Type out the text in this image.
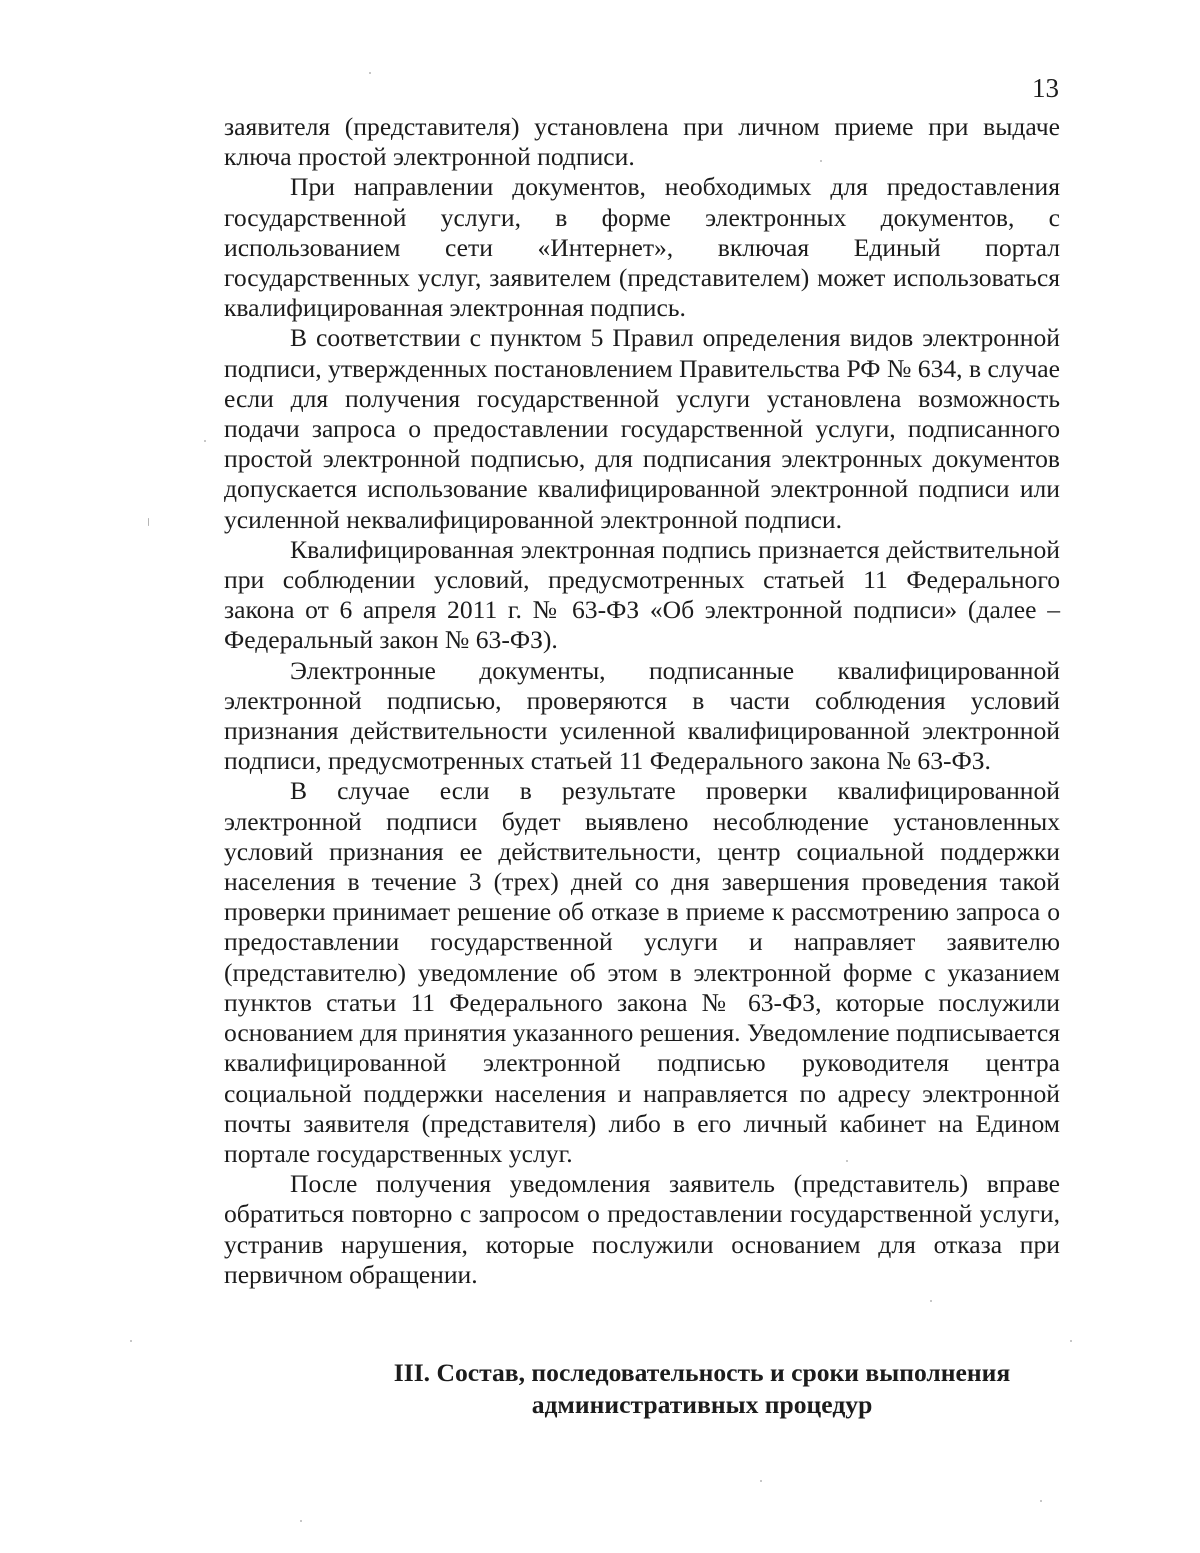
13

заявителя (представителя) установлена при личном приеме при выдаче ключа простой электронной подписи.

При направлении документов, необходимых для предоставления государственной услуги, в форме электронных документов, с использованием сети «Интернет», включая Единый портал государственных услуг, заявителем (представителем) может использоваться квалифицированная электронная подпись.

В соответствии с пунктом 5 Правил определения видов электронной подписи, утвержденных постановлением Правительства РФ № 634, в случае если для получения государственной услуги установлена возможность подачи запроса о предоставлении государственной услуги, подписанного простой электронной подписью, для подписания электронных документов допускается использование квалифицированной электронной подписи или усиленной неквалифицированной электронной подписи.

Квалифицированная электронная подпись признается действительной при соблюдении условий, предусмотренных статьей 11 Федерального закона от 6 апреля 2011 г. № 63-ФЗ «Об электронной подписи» (далее – Федеральный закон № 63-ФЗ).

Электронные документы, подписанные квалифицированной электронной подписью, проверяются в части соблюдения условий признания действительности усиленной квалифицированной электронной подписи, предусмотренных статьей 11 Федерального закона № 63-ФЗ.

В случае если в результате проверки квалифицированной электронной подписи будет выявлено несоблюдение установленных условий признания ее действительности, центр социальной поддержки населения в течение 3 (трех) дней со дня завершения проведения такой проверки принимает решение об отказе в приеме к рассмотрению запроса о предоставлении государственной услуги и направляет заявителю (представителю) уведомление об этом в электронной форме с указанием пунктов статьи 11 Федерального закона № 63-ФЗ, которые послужили основанием для принятия указанного решения. Уведомление подписывается квалифицированной электронной подписью руководителя центра социальной поддержки населения и направляется по адресу электронной почты заявителя (представителя) либо в его личный кабинет на Едином портале государственных услуг.

После получения уведомления заявитель (представитель) вправе обратиться повторно с запросом о предоставлении государственной услуги, устранив нарушения, которые послужили основанием для отказа при первичном обращении.

III. Состав, последовательность и сроки выполнения
административных процедур
